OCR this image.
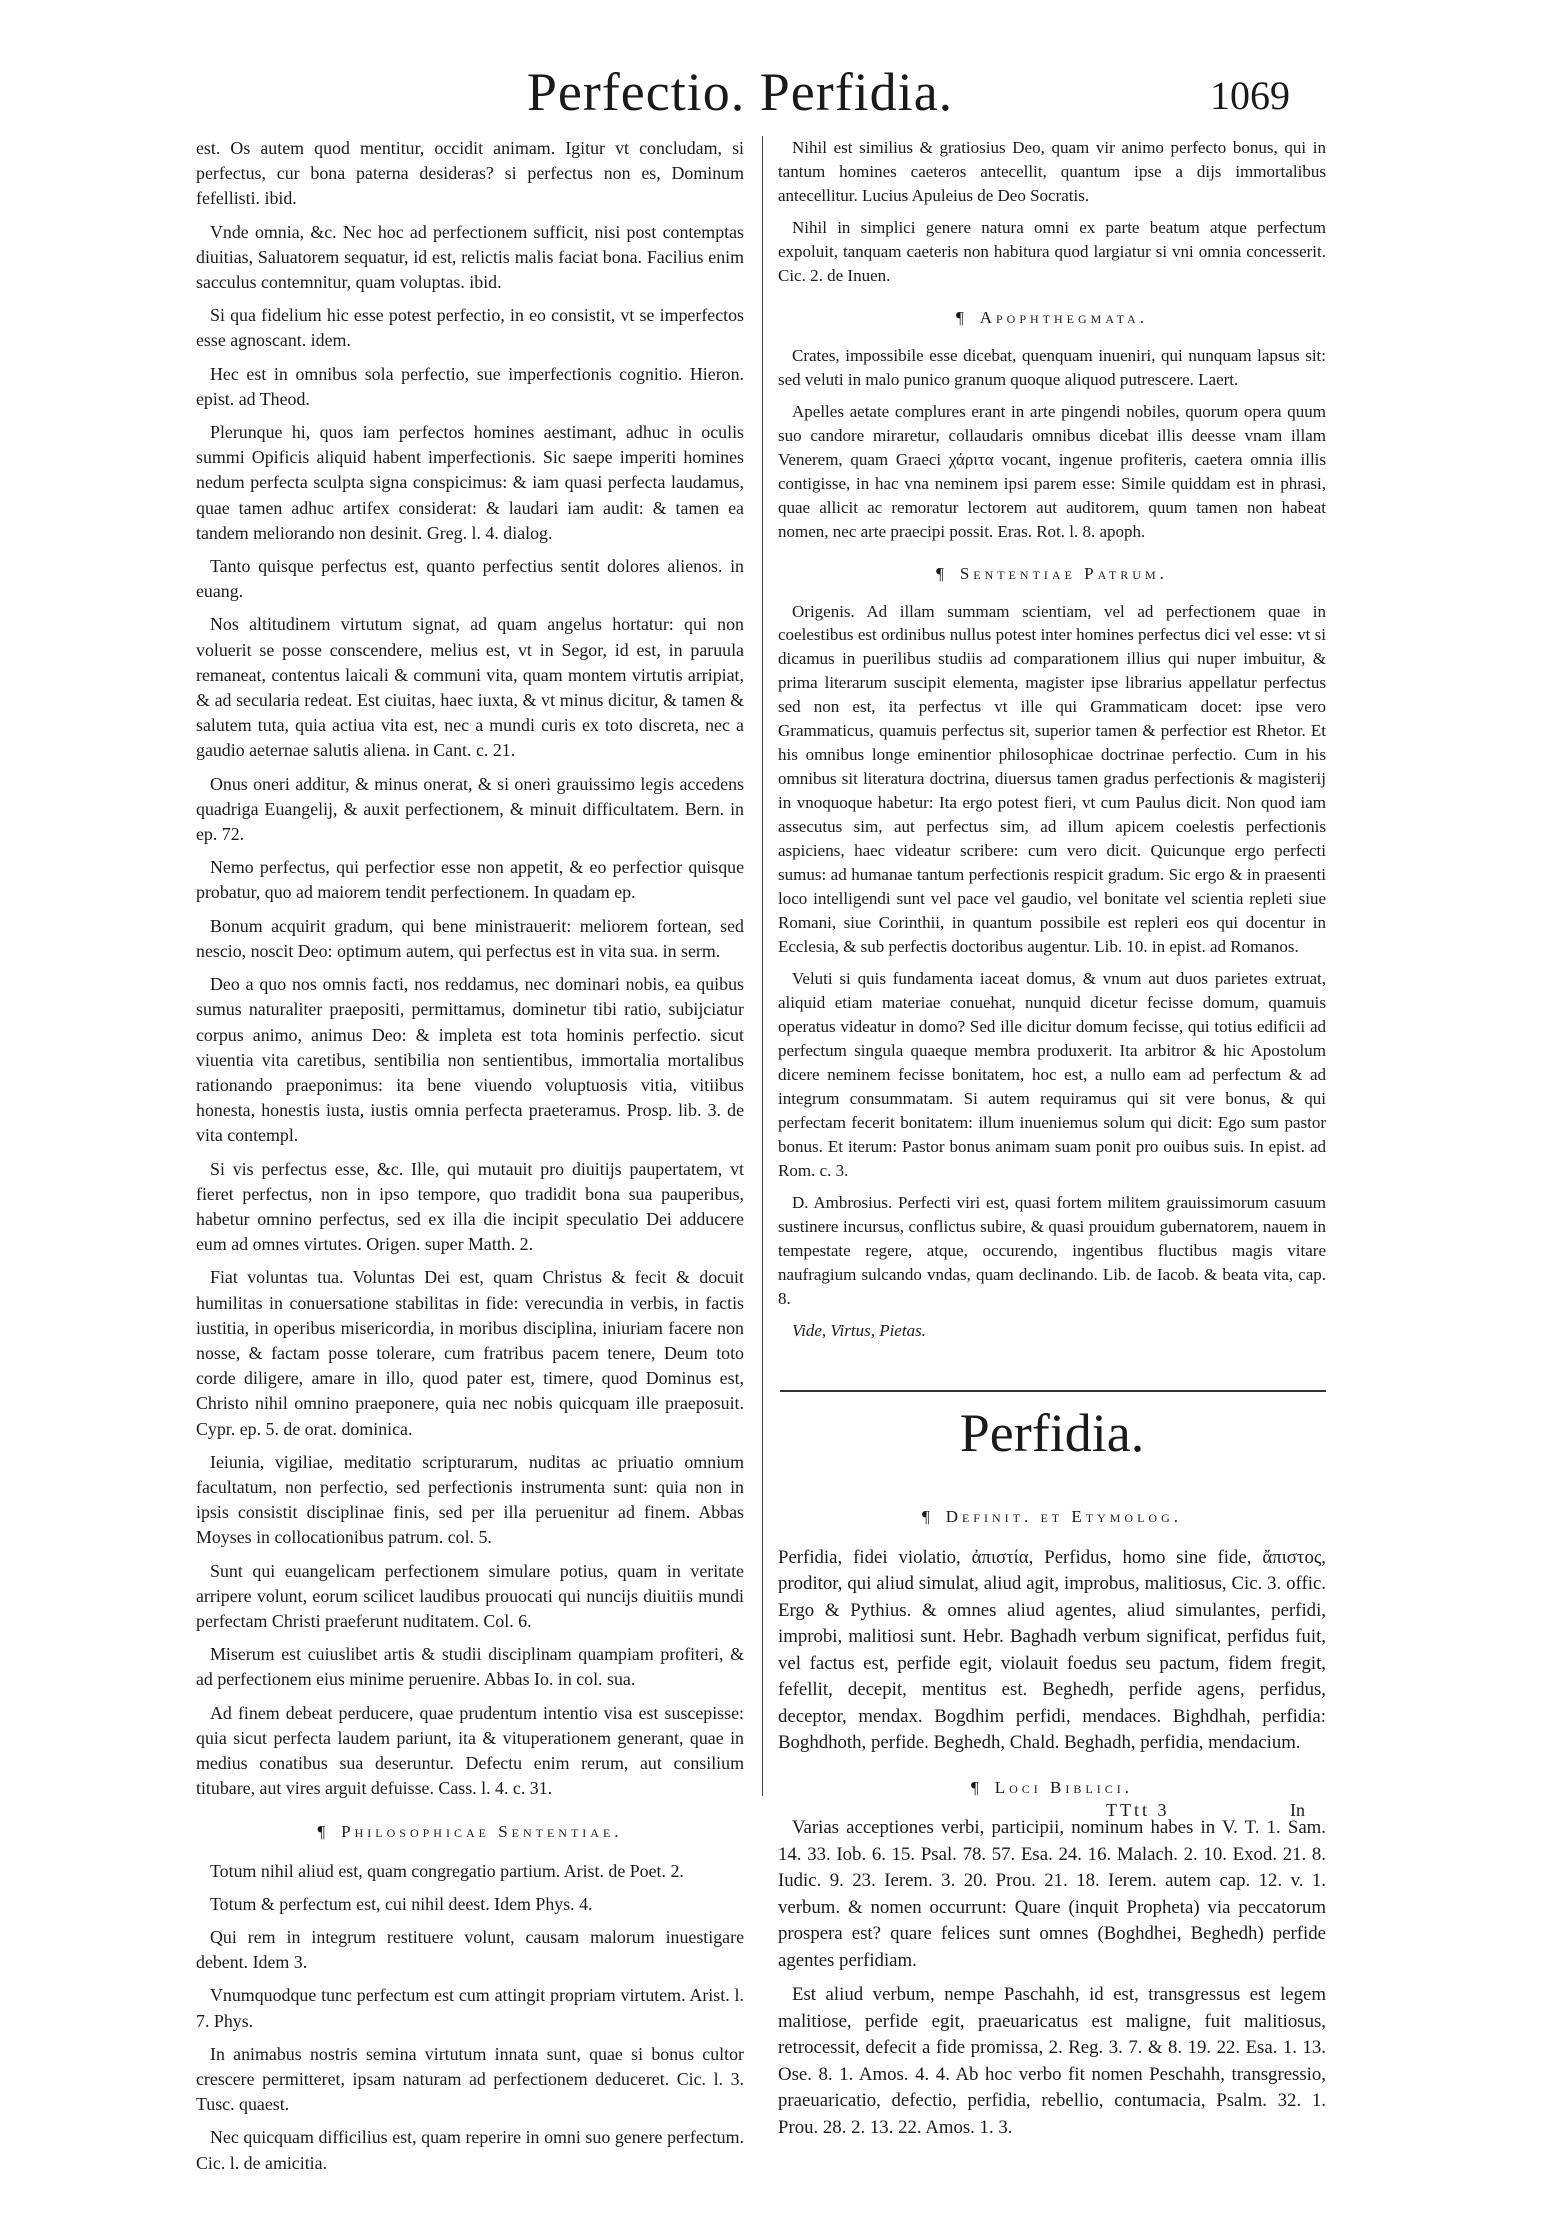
Perfectio. Perfidia.	1069

est. Os autem quod mentitur, occidit animam. Igitur vt concludam, si perfectus, cur bona paterna desideras? si perfectus non es, Dominum fefellisti. ibid.

Vnde omnia, &c. Nec hoc ad perfectionem sufficit, nisi post contemptas diuitias, Saluatorem sequatur, id est, relictis malis faciat bona. Facilius enim sacculus contemnitur, quam voluptas. ibid.

Si qua fidelium hic esse potest perfectio, in eo consistit, vt se imperfectos esse agnoscant. idem.

Hec est in omnibus sola perfectio, sue imperfectionis cognitio. Hieron. epist. ad Theod.

Plerunque hi, quos iam perfectos homines aestimant, adhuc in oculis summi Opificis aliquid habent imperfectionis. Sic saepe imperiti homines nedum perfecta sculpta signa conspicimus: & iam quasi perfecta laudamus, quae tamen adhuc artifex considerat: & laudari iam audit: & tamen ea tandem meliorando non desinit. Greg. l. 4. dialog.

Tanto quisque perfectus est, quanto perfectius sentit dolores alienos. in euang.

Nos altitudinem virtutum signat, ad quam angelus hortatur: qui non voluerit se posse conscendere, melius est, vt in Segor, id est, in paruula remaneat, contentus laicali & communi vita, quam montem virtutis arripiat, & ad secularia redeat. Est ciuitas, haec iuxta, & vt minus dicitur, & tamen & salutem tuta, quia actiua vita est, nec a mundi curis ex toto discreta, nec a gaudio aeternae salutis aliena. in Cant. c. 21.

Onus oneri additur, & minus onerat, & si oneri grauissimo legis accedens quadriga Euangelij, & auxit perfectionem, & minuit difficultatem. Bern. in ep. 72.

Nemo perfectus, qui perfectior esse non appetit, & eo perfectior quisque probatur, quo ad maiorem tendit perfectionem. In quadam ep.

Bonum acquirit gradum, qui bene ministrauerit: meliorem fortean, sed nescio, noscit Deo: optimum autem, qui perfectus est in vita sua. in serm.

Deo a quo nos omnis facti, nos reddamus, nec dominari nobis, ea quibus sumus naturaliter praepositi, permittamus, dominetur tibi ratio, subijciatur corpus animo, animus Deo: & impleta est tota hominis perfectio. sicut viuentia vita caretibus, sentibilia non sentientibus, immortalia mortalibus rationando praeponimus: ita bene viuendo voluptuosis vitia, vitiibus honesta, honestis iusta, iustis omnia perfecta praeteramus. Prosp. lib. 3. de vita contempl.

Si vis perfectus esse, &c. Ille, qui mutauit pro diuitijs paupertatem, vt fieret perfectus, non in ipso tempore, quo tradidit bona sua pauperibus, habetur omnino perfectus, sed ex illa die incipit speculatio Dei adducere eum ad omnes virtutes. Origen. super Matth. 2.

Fiat voluntas tua. Voluntas Dei est, quam Christus & fecit & docuit humilitas in conuersatione stabilitas in fide: verecundia in verbis, in factis iustitia, in operibus misericordia, in moribus disciplina, iniuriam facere non nosse, & factam posse tolerare, cum fratribus pacem tenere, Deum toto corde diligere, amare in illo, quod pater est, timere, quod Dominus est, Christo nihil omnino praeponere, quia nec nobis quicquam ille praeposuit. Cypr. ep. 5. de orat. dominica.

Ieiunia, vigiliae, meditatio scripturarum, nuditas ac priuatio omnium facultatum, non perfectio, sed perfectionis instrumenta sunt: quia non in ipsis consistit disciplinae finis, sed per illa peruenitur ad finem. Abbas Moyses in collocationibus patrum. col. 5.

Sunt qui euangelicam perfectionem simulare potius, quam in veritate arripere volunt, eorum scilicet laudibus prouocati qui nuncijs diuitiis mundi perfectam Christi praeferunt nuditatem. Col. 6.

Miserum est cuiuslibet artis & studii disciplinam quampiam profiteri, & ad perfectionem eius minime peruenire. Abbas Io. in col. sua.

Ad finem debeat perducere, quae prudentum intentio visa est suscepisse: quia sicut perfecta laudem pariunt, ita & vituperationem generant, quae in medius conatibus sua deseruntur. Defectu enim rerum, aut consilium titubare, aut vires arguit defuisse. Cass. l. 4. c. 31.

¶ Philosophicae Sententiae.

Totum nihil aliud est, quam congregatio partium. Arist. de Poet. 2.

Totum & perfectum est, cui nihil deest. Idem Phys. 4.

Qui rem in integrum restituere volunt, causam malorum inuestigare debent. Idem 3.

Vnumquodque tunc perfectum est cum attingit propriam virtutem. Arist. l. 7. Phys.

In animabus nostris semina virtutum innata sunt, quae si bonus cultor crescere permitteret, ipsam naturam ad perfectionem deduceret. Cic. l. 3. Tusc. quaest.

Nec quicquam difficilius est, quam reperire in omni suo genere perfectum. Cic. l. de amicitia.

Nihil est similius & gratiosius Deo, quam vir animo perfecto bonus, qui in tantum homines caeteros antecellit, quantum ipse a dijs immortalibus antecellitur. Lucius Apuleius de Deo Socratis.

Nihil in simplici genere natura omni ex parte beatum atque perfectum expoluit, tanquam caeteris non habitura quod largiatur si vni omnia concesserit. Cic. 2. de Inuen.

¶ Apophthegmata.

Crates, impossibile esse dicebat, quenquam inueniri, qui nunquam lapsus sit: sed veluti in malo punico granum quoque aliquod putrescere. Laert.

Apelles aetate complures erant in arte pingendi nobiles, quorum opera quum suo candore miraretur, collaudaris omnibus dicebat illis deesse vnam illam Venerem, quam Graeci χάριτα vocant, ingenue profiteris, caetera omnia illis contigisse, in hac vna neminem ipsi parem esse: Simile quiddam est in phrasi, quae allicit ac remoratur lectorem aut auditorem, quum tamen non habeat nomen, nec arte praecipi possit. Eras. Rot. l. 8. apoph.

¶ Sententiae Patrum.

Origenis. Ad illam summam scientiam, vel ad perfectionem quae in coelestibus est ordinibus nullus potest inter homines perfectus dici vel esse: vt si dicamus in puerilibus studiis ad comparationem illius qui nuper imbuitur, & prima literarum suscipit elementa, magister ipse librarius appellatur perfectus sed non est, ita perfectus vt ille qui Grammaticam docet: ipse vero Grammaticus, quamuis perfectus sit, superior tamen & perfectior est Rhetor. Et his omnibus longe eminentior philosophicae doctrinae perfectio. Cum in his omnibus sit literatura doctrina, diuersus tamen gradus perfectionis & magisterij in vnoquoque habetur: Ita ergo potest fieri, vt cum Paulus dicit. Non quod iam assecutus sim, aut perfectus sim, ad illum apicem coelestis perfectionis aspiciens, haec videatur scribere: cum vero dicit. Quicunque ergo perfecti sumus: ad humanae tantum perfectionis respicit gradum. Sic ergo & in praesenti loco intelligendi sunt vel pace vel gaudio, vel bonitate vel scientia repleti siue Romani, siue Corinthii, in quantum possibile est repleri eos qui docentur in Ecclesia, & sub perfectis doctoribus augentur. Lib. 10. in epist. ad Romanos.

Veluti si quis fundamenta iaceat domus, & vnum aut duos parietes extruat, aliquid etiam materiae conuehat, nunquid dicetur fecisse domum, quamuis operatus videatur in domo? Sed ille dicitur domum fecisse, qui totius edificii ad perfectum singula quaeque membra produxerit. Ita arbitror & hic Apostolum dicere neminem fecisse bonitatem, hoc est, a nullo eam ad perfectum & ad integrum consummatam. Si autem requiramus qui sit vere bonus, & qui perfectam fecerit bonitatem: illum inueniemus solum qui dicit: Ego sum pastor bonus. Et iterum: Pastor bonus animam suam ponit pro ouibus suis. In epist. ad Rom. c. 3.

D. Ambrosius. Perfecti viri est, quasi fortem militem grauissimorum casuum sustinere incursus, conflictus subire, & quasi prouidum gubernatorem, nauem in tempestate regere, atque, occurendo, ingentibus fluctibus magis vitare naufragium sulcando vndas, quam declinando. Lib. de Iacob. & beata vita, cap. 8.

Vide, Virtus, Pietas.

Perfidia.
¶ Definit. et Etymolog.

Perfidia, fidei violatio, ἀπιστία, Perfidus, homo sine fide, ἄπιστος, proditor, qui aliud simulat, aliud agit, improbus, malitiosus, Cic. 3. offic. Ergo & Pythius. & omnes aliud agentes, aliud simulantes, perfidi, improbi, malitiosi sunt. Hebr. Baghadh verbum significat, perfidus fuit, vel factus est, perfide egit, violauit foedus seu pactum, fidem fregit, fefellit, decepit, mentitus est. Beghedh, perfide agens, perfidus, deceptor, mendax. Bogdhim perfidi, mendaces. Bighdhah, perfidia: Boghdhoth, perfide. Beghedh, Chald. Beghadh, perfidia, mendacium.

¶ Loci Biblici.

Varias acceptiones verbi, participii, nominum habes in V. T. 1. Sam. 14. 33. Iob. 6. 15. Psal. 78. 57. Esa. 24. 16. Malach. 2. 10. Exod. 21. 8. Iudic. 9. 23. Ierem. 3. 20. Prou. 21. 18. Ierem. autem cap. 12. v. 1. verbum. & nomen occurrunt: Quare (inquit Propheta) via peccatorum prospera est? quare felices sunt omnes (Boghdhei, Beghedh) perfide agentes perfidiam.

Est aliud verbum, nempe Paschahh, id est, transgressus est legem malitiose, perfide egit, praeuaricatus est maligne, fuit malitiosus, retrocessit, defecit a fide promissa, 2. Reg. 3. 7. & 8. 19. 22. Esa. 1. 13. Ose. 8. 1. Amos. 4. 4. Ab hoc verbo fit nomen Peschahh, transgressio, praeuaricatio, defectio, perfidia, rebellio, contumacia, Psalm. 32. 1. Prou. 28. 2. 13. 22. Amos. 1. 3.

TTtt 3	In
